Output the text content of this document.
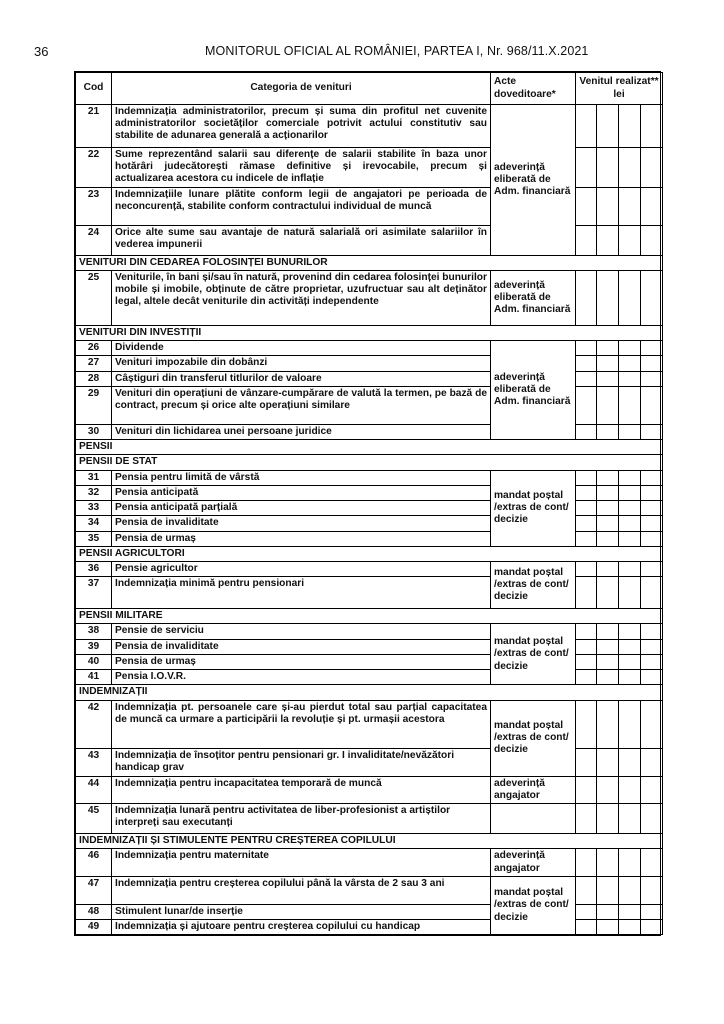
36	MONITORUL OFICIAL AL ROMÂNIEI, PARTEA I, Nr. 968/11.X.2021
Cod	Categoria de venituri	Acte doveditoare*	Venitul realizat** lei			
21	Indemnizația administratorilor, precum și suma din profitul net cuvenite administratorilor societăților comerciale potrivit actului constitutiv sau stabilite de adunarea generală a acționarilor	adeverință eliberată de Adm. financiară				
22	Sume reprezentând salarii sau diferențe de salarii stabilite în baza unor hotărâri judecătorești rămase definitive și irevocabile, precum și actualizarea acestora cu indicele de inflație					
23	Indemnizațiile lunare plătite conform legii de angajatori pe perioada de neconcurență, stabilite conform contractului individual de muncă					
24	Orice alte sume sau avantaje de natură salarială ori asimilate salariilor în vederea impunerii					
VENITURI DIN CEDAREA FOLOSINȚEI BUNURILOR						
25	Veniturile, în bani și/sau în natură, provenind din cedarea folosinței bunurilor mobile și imobile, obținute de către proprietar, uzufructuar sau alt deținător legal, altele decât veniturile din activități independente	adeverință eliberată de Adm. financiară				
VENITURI DIN INVESTIȚII						
26	Dividende	adeverință eliberată de Adm. financiară				
27	Venituri impozabile din dobânzi					
28	Câștiguri din transferul titlurilor de valoare					
29	Venituri din operațiuni de vânzare-cumpărare de valută la termen, pe bază de contract, precum și orice alte operațiuni similare					
30	Venituri din lichidarea unei persoane juridice					
PENSII						
PENSII DE STAT						
31	Pensia pentru limită de vârstă	mandat poștal /extras de cont/ decizie				
32	Pensia anticipată					
33	Pensia anticipată parțială					
34	Pensia de invaliditate					
35	Pensia de urmaș					
PENSII AGRICULTORI						
36	Pensie agricultor	mandat poștal /extras de cont/ decizie				
37	Indemnizația minimă pentru pensionari					
PENSII MILITARE						
38	Pensie de serviciu	mandat poștal /extras de cont/ decizie				
39	Pensia de invaliditate					
40	Pensia de urmaș					
41	Pensia I.O.V.R.					
INDEMNIZAȚII						
42	Indemnizația pt. persoanele care și-au pierdut total sau parțial capacitatea de muncă ca urmare a participării la revoluție și pt. urmașii acestora	mandat poștal /extras de cont/ decizie				
43	Indemnizația de însoțitor pentru pensionari gr. I invaliditate/nevăzători handicap grav					
44	Indemnizația pentru incapacitatea temporară de muncă	adeverință angajator				
45	Indemnizația lunară pentru activitatea de liber-profesionist a artiștilor interpreți sau executanți					
INDEMNIZAȚII ȘI STIMULENTE PENTRU CREȘTEREA COPILULUI						
46	Indemnizația pentru maternitate	adeverință angajator				
47	Indemnizația pentru creșterea copilului până la vârsta de 2 sau 3 ani	mandat poștal /extras de cont/ decizie				
48	Stimulent lunar/de inserție					
49	Indemnizația și ajutoare pentru creșterea copilului cu handicap					
